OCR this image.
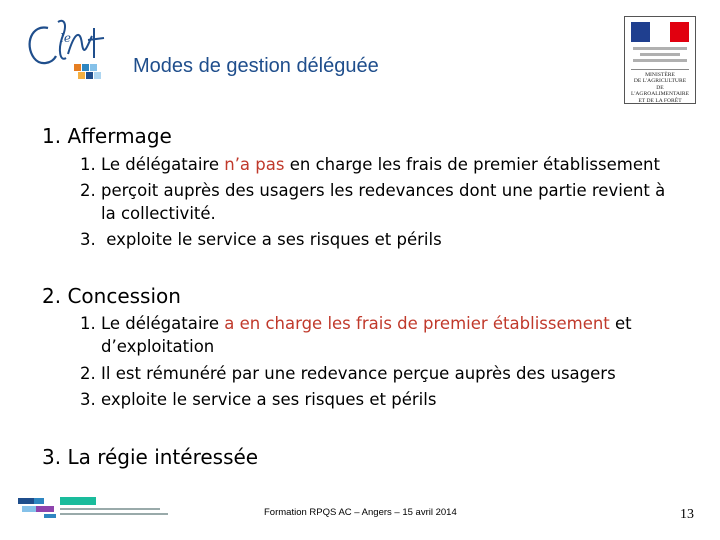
le
Modes de gestion déléguée	MINISTÈRE
DE L'AGRICULTURE
DE L'AGROALIMENTAIRE
ET DE LA FORÊT
1. Affermage
1. Le délégataire n’a pas en charge les frais de premier établissement
2. perçoit auprès des usagers les redevances dont une partie revient à
la collectivité.
3. exploite le service a ses risques et périls
2. Concession
1. Le délégataire a en charge les frais de premier établissement et
d’exploitation
2. Il est rémunéré par une redevance perçue auprès des usagers
3. exploite le service a ses risques et périls
3. La régie intéressée
Formation RPQS AC – Angers – 15 avril 2014	13
